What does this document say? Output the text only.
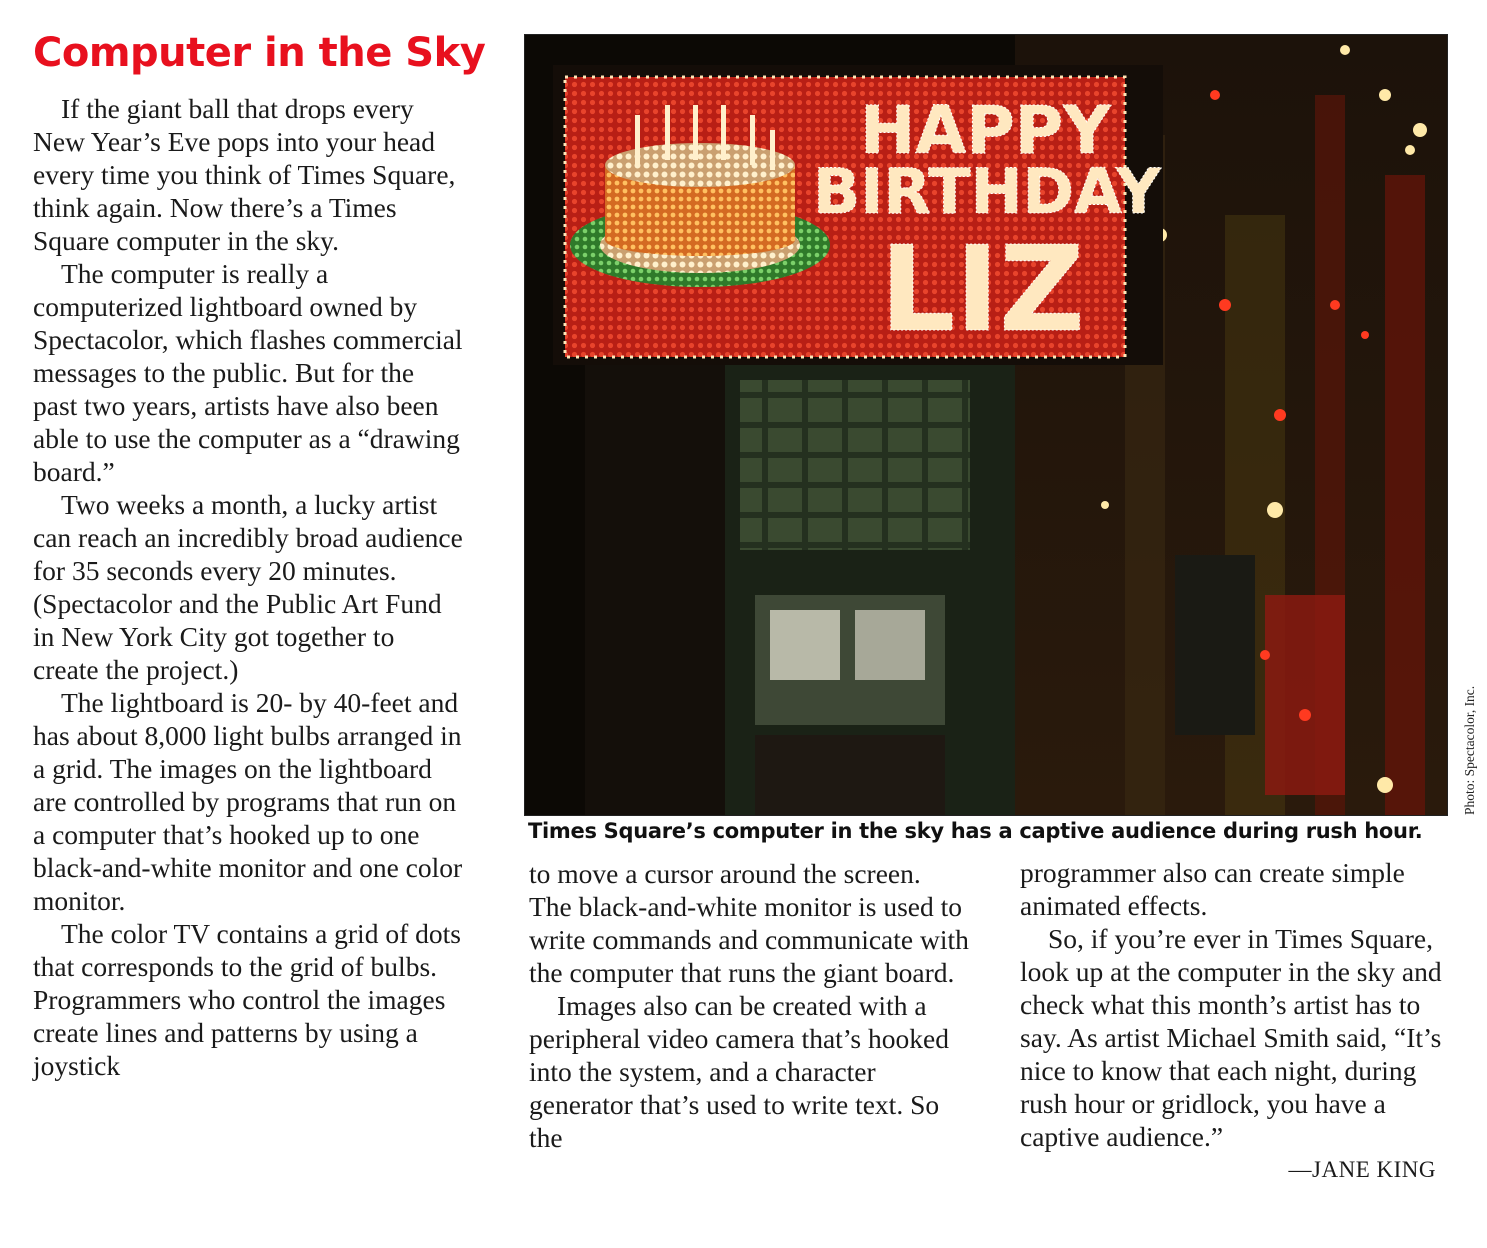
Computer in the Sky

If the giant ball that drops every New Year’s Eve pops into your head every time you think of Times Square, think again. Now there’s a Times Square computer in the sky.

The computer is really a computerized lightboard owned by Spectacolor, which flashes commercial messages to the public. But for the past two years, artists have also been able to use the computer as a “drawing board.”

Two weeks a month, a lucky artist can reach an incredibly broad audience for 35 seconds every 20 minutes. (Spectacolor and the Public Art Fund in New York City got together to create the project.)

The lightboard is 20- by 40-feet and has about 8,000 light bulbs arranged in a grid. The images on the lightboard are controlled by programs that run on a computer that’s hooked up to one black-and-white monitor and one color monitor.

The color TV contains a grid of dots that corresponds to the grid of bulbs. Programmers who control the images create lines and patterns by using a joystick

HAPPY
BIRTHDAY
LIZ
Times Square’s computer in the sky has a captive audience during rush hour.
Photo: Spectacolor, Inc.

to move a cursor around the screen. The black-and-white monitor is used to write commands and communicate with the computer that runs the giant board.

Images also can be created with a peripheral video camera that’s hooked into the system, and a character generator that’s used to write text. So the

programmer also can create simple animated effects.

So, if you’re ever in Times Square, look up at the computer in the sky and check what this month’s artist has to say. As artist Michael Smith said, “It’s nice to know that each night, during rush hour or gridlock, you have a captive audience.”

—JANE KING
